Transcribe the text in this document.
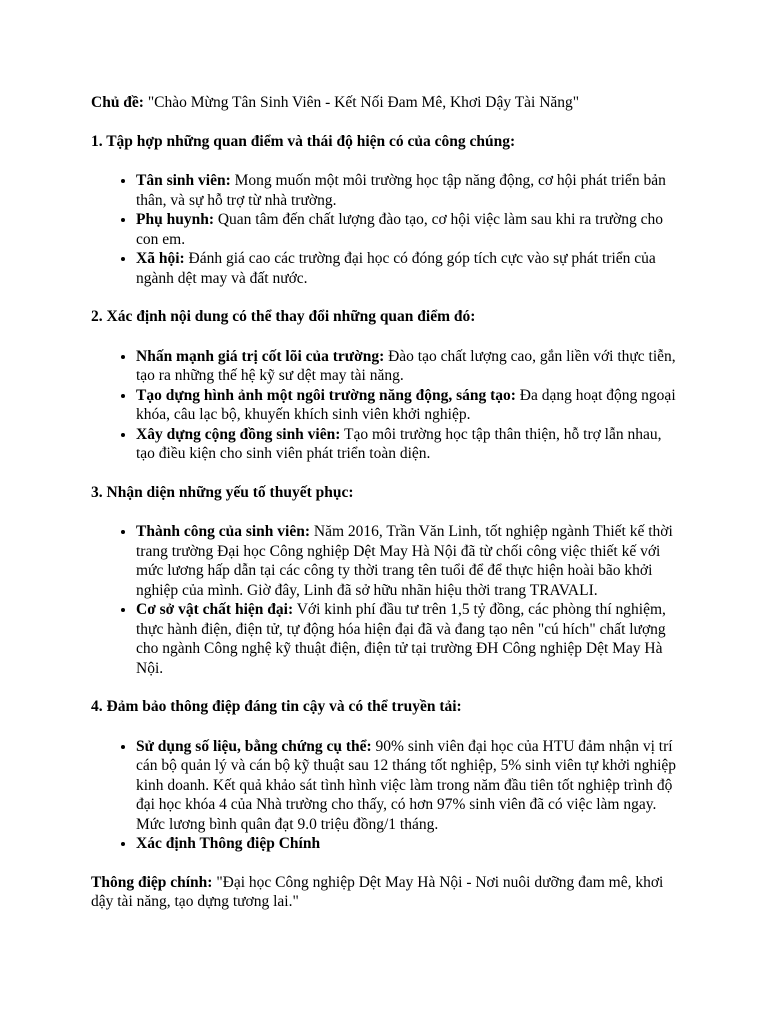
Chủ đề: "Chào Mừng Tân Sinh Viên - Kết Nối Đam Mê, Khơi Dậy Tài Năng"

1. Tập hợp những quan điểm và thái độ hiện có của công chúng:

• Tân sinh viên: Mong muốn một môi trường học tập năng động, cơ hội phát triển bản thân, và sự hỗ trợ từ nhà trường.
• Phụ huynh: Quan tâm đến chất lượng đào tạo, cơ hội việc làm sau khi ra trường cho con em.
• Xã hội: Đánh giá cao các trường đại học có đóng góp tích cực vào sự phát triển của ngành dệt may và đất nước.

2. Xác định nội dung có thể thay đổi những quan điểm đó:

• Nhấn mạnh giá trị cốt lõi của trường: Đào tạo chất lượng cao, gắn liền với thực tiễn, tạo ra những thế hệ kỹ sư dệt may tài năng.
• Tạo dựng hình ảnh một ngôi trường năng động, sáng tạo: Đa dạng hoạt động ngoại khóa, câu lạc bộ, khuyến khích sinh viên khởi nghiệp.
• Xây dựng cộng đồng sinh viên: Tạo môi trường học tập thân thiện, hỗ trợ lẫn nhau, tạo điều kiện cho sinh viên phát triển toàn diện.

3. Nhận diện những yếu tố thuyết phục:

• Thành công của sinh viên: Năm 2016, Trần Văn Linh, tốt nghiệp ngành Thiết kế thời trang trường Đại học Công nghiệp Dệt May Hà Nội đã từ chối công việc thiết kế với mức lương hấp dẫn tại các công ty thời trang tên tuổi để để thực hiện hoài bão khởi nghiệp của mình. Giờ đây, Linh đã sở hữu nhãn hiệu thời trang TRAVALI.
• Cơ sở vật chất hiện đại: Với kinh phí đầu tư trên 1,5 tỷ đồng, các phòng thí nghiệm, thực hành điện, điện tử, tự động hóa hiện đại đã và đang tạo nên "cú hích" chất lượng cho ngành Công nghệ kỹ thuật điện, điện tử tại trường ĐH Công nghiệp Dệt May Hà Nội.

4. Đảm bảo thông điệp đáng tin cậy và có thể truyền tải:

• Sử dụng số liệu, bằng chứng cụ thể: 90% sinh viên đại học của HTU đảm nhận vị trí cán bộ quản lý và cán bộ kỹ thuật sau 12 tháng tốt nghiệp, 5% sinh viên tự khởi nghiệp kinh doanh. Kết quả khảo sát tình hình việc làm trong năm đầu tiên tốt nghiệp trình độ đại học khóa 4 của Nhà trường cho thấy, có hơn 97% sinh viên đã có việc làm ngay. Mức lương bình quân đạt 9.0 triệu đồng/1 tháng.
• Xác định Thông điệp Chính

Thông điệp chính: "Đại học Công nghiệp Dệt May Hà Nội - Nơi nuôi dưỡng đam mê, khơi dậy tài năng, tạo dựng tương lai."
